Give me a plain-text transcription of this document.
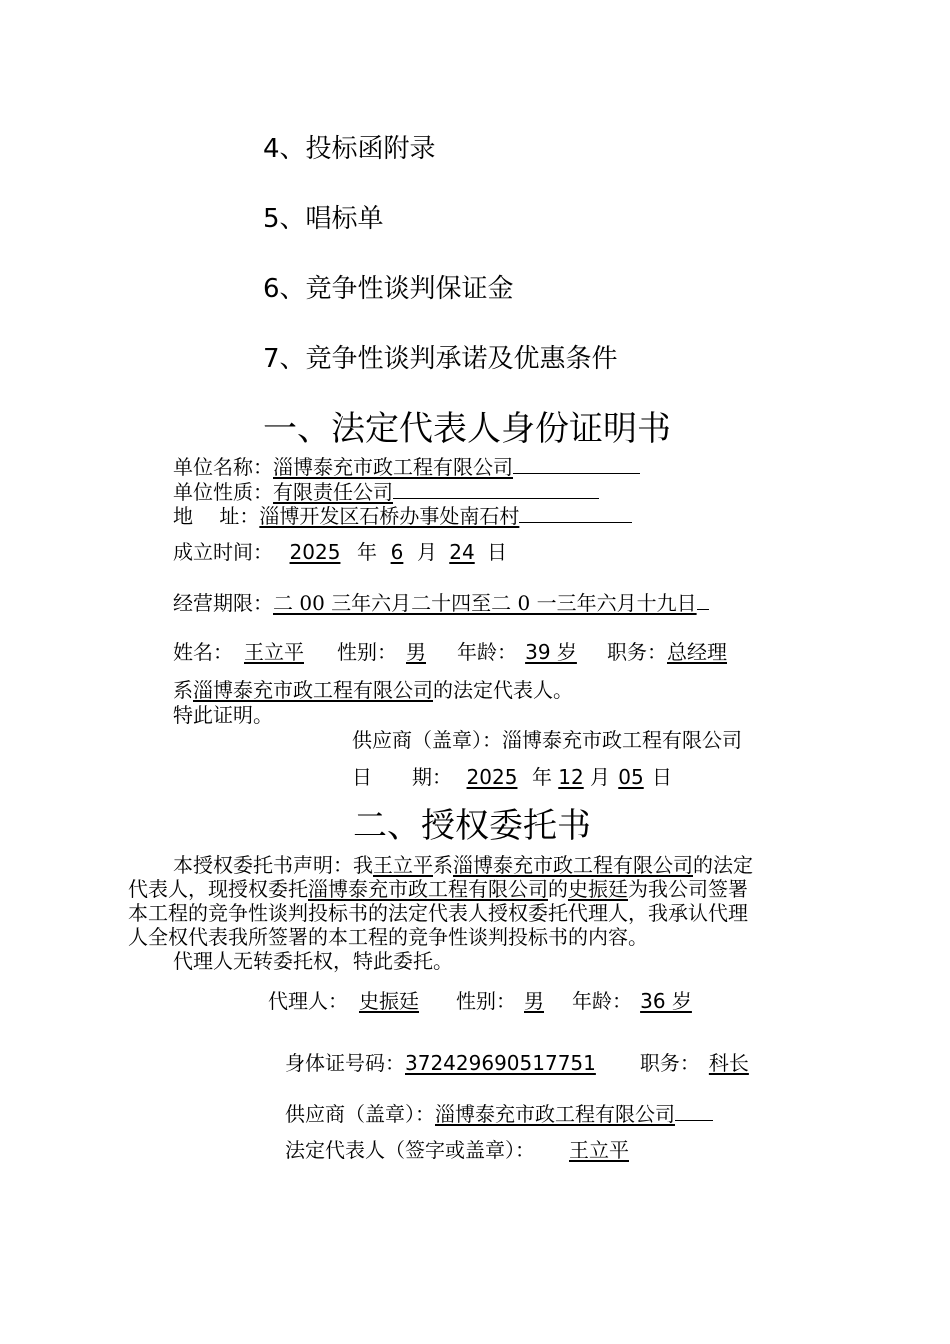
4、投标函附录
5、唱标单
6、竞争性谈判保证金
7、竞争性谈判承诺及优惠条件
一、法定代表人身份证明书
单位名称：淄博泰充市政工程有限公司
单位性质：有限责任公司
地　 址：淄博开发区石桥办事处南石村
成立时间： 2025 年 6 月 24 日
经营期限：二 00 三年六月二十四至二 0 一三年六月十九日
姓名： 王立平 性别： 男 年龄： 39 岁 职务：总经理
系淄博泰充市政工程有限公司的法定代表人。
特此证明。
供应商（盖章）：淄博泰充市政工程有限公司
日　　期： 2025 年 12 月 05 日
二、授权委托书
本授权委托书声明：我王立平系淄博泰充市政工程有限公司的法定
代表人，现授权委托淄博泰充市政工程有限公司的史振廷为我公司签署
本工程的竞争性谈判投标书的法定代表人授权委托代理人，我承认代理
人全权代表我所签署的本工程的竞争性谈判投标书的内容。
代理人无转委托权，特此委托。
代理人： 史振廷 性别： 男 年龄： 36 岁
身体证号码：372429690517751 职务： 科长
供应商（盖章）：淄博泰充市政工程有限公司
法定代表人（签字或盖章）： 王立平
